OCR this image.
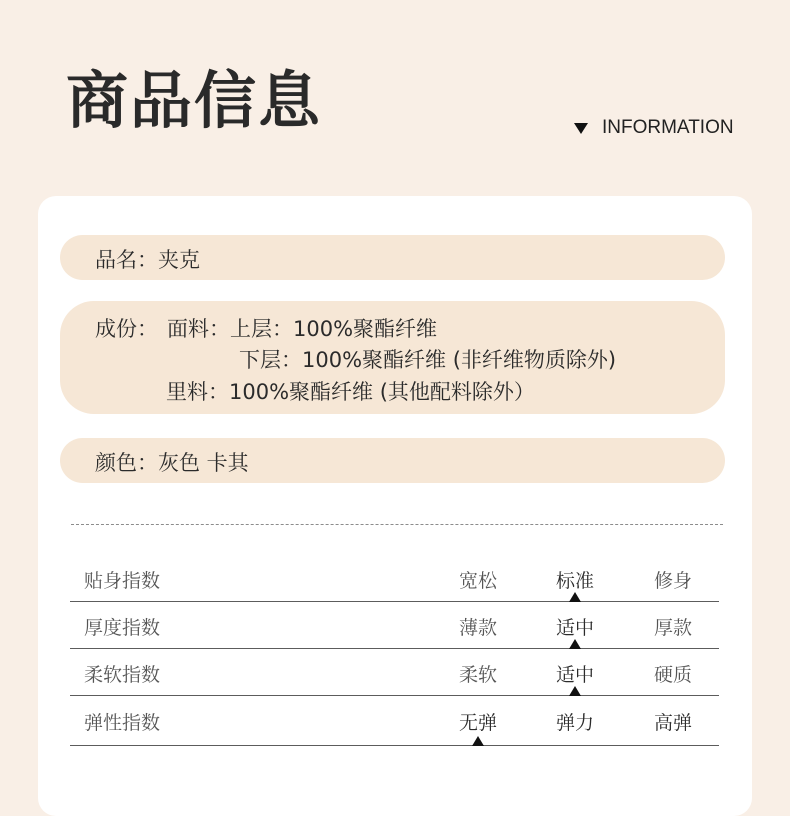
商品信息	INFORMATION
品名：夹克
成份： 面料：上层：100%聚酯纤维
下层：100%聚酯纤维 (非纤维物质除外)
里料：100%聚酯纤维 (其他配料除外）
颜色：灰色 卡其
贴身指数	宽松	标准	修身
厚度指数	薄款	适中	厚款
柔软指数	柔软	适中	硬质
弹性指数	无弹	弹力	高弹
